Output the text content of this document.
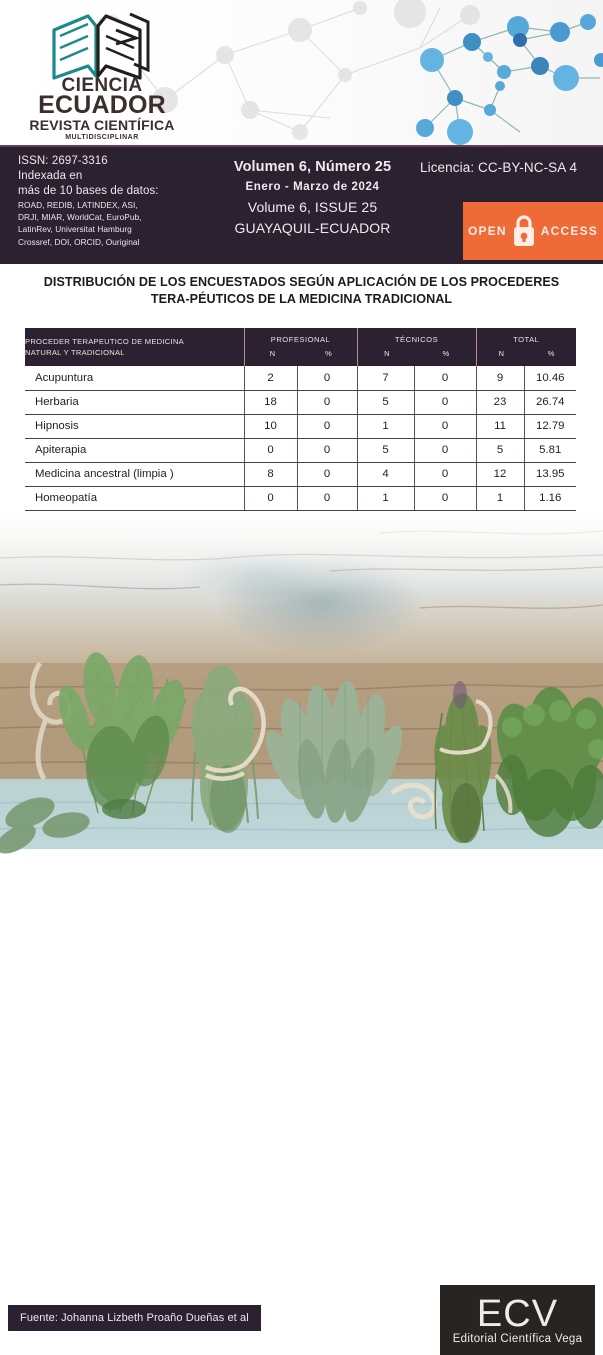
CIENCIA
ECUADOR
REVISTA CIENTÍFICA
MULTIDISCIPLINAR
ISSN: 2697-3316
Indexada en
más de 10 bases de datos:
ROAD, REDIB, LATINDEX, ASI,
DRJI, MIAR, WorldCat, EuroPub,
LatinRev, Universitat Hamburg
Crossref, DOI, ORCID, Ouriginal
Volumen 6, Número 25
Enero - Marzo de 2024
Volume 6, ISSUE 25
GUAYAQUIL-ECUADOR
Licencia: CC-BY-NC-SA 4
OPEN	ACCESS
DISTRIBUCIÓN DE LOS ENCUESTADOS SEGÚN APLICACIÓN DE LOS PROCEDERES TERA-PÉUTICOS DE LA MEDICINA TRADICIONAL
PROCEDER TERAPEUTICO DE MEDICINA
NATURAL Y TRADICIONAL

PROFESIONAL
N	%

TÉCNICOS
N	%

TOTAL
N	%

Acupuntura	2	0	7	0	9	10.46
Herbaria	18	0	5	0	23	26.74
Hipnosis	10	0	1	0	11	12.79
Apiterapia	0	0	5	0	5	5.81
Medicina ancestral (limpia )	8	0	4	0	12	13.95
Homeopatía	0	0	1	0	1	1.16
Fuente: Johanna Lizbeth Proaño Dueñas et al	ECV
Editorial Científica Vega
